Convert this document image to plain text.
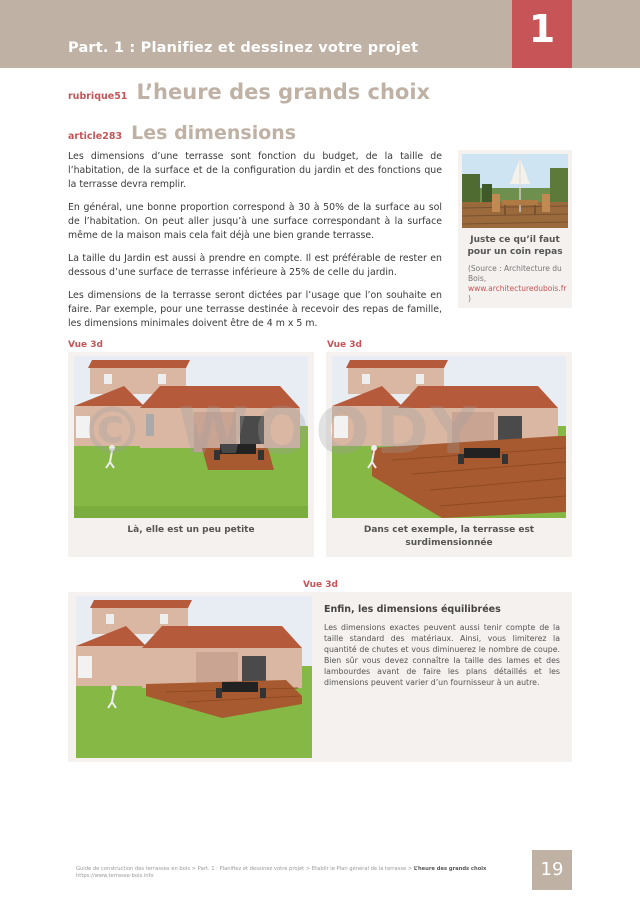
Part. 1 : Planifiez et dessinez votre projet	1
rubrique51 L’heure des grands choix
article283 Les dimensions

Les dimensions d’une terrasse sont fonction du budget, de la taille de l’habitation, de la surface et de la configuration du jardin et des fonctions que la terrasse devra remplir.

En général, une bonne proportion correspond à 30 à 50% de la surface au sol de l’habitation. On peut aller jusqu’à une surface correspondant à la surface même de la maison mais cela fait déjà une bien grande terrasse.

La taille du Jardin est aussi à prendre en compte. Il est préférable de rester en dessous d’une surface de terrasse inférieure à 25% de celle du jardin.

Les dimensions de la terrasse seront dictées par l’usage que l’on souhaite en faire. Par exemple, pour une terrasse destinée à recevoir des repas de famille, les dimensions minimales doivent être de 4 m x 5 m.

Juste ce qu’il faut pour un coin repas
(Source : Architecture du Bois, www.architecturedubois.fr )
Vue 3d
Là, elle est un peu petite
Vue 3d
Dans cet exemple, la terrasse est surdimensionnée
© WOODY
Vue 3d
Enfin, les dimensions équilibrées
Les dimensions exactes peuvent aussi tenir compte de la taille standard des matériaux. Ainsi, vous limiterez la quantité de chutes et vous diminuerez le nombre de coupe. Bien sûr vous devez connaître la taille des lames et des lambourdes avant de faire les plans détaillés et les dimensions peuvent varier d’un fournisseur à un autre.
Guide de construction des terrasses en bois > Part. 1 : Planifiez et dessinez votre projet > Etablir le Plan général de la terrasse > L’heure des grands choix
https://www.terrasse-bois.info	19
